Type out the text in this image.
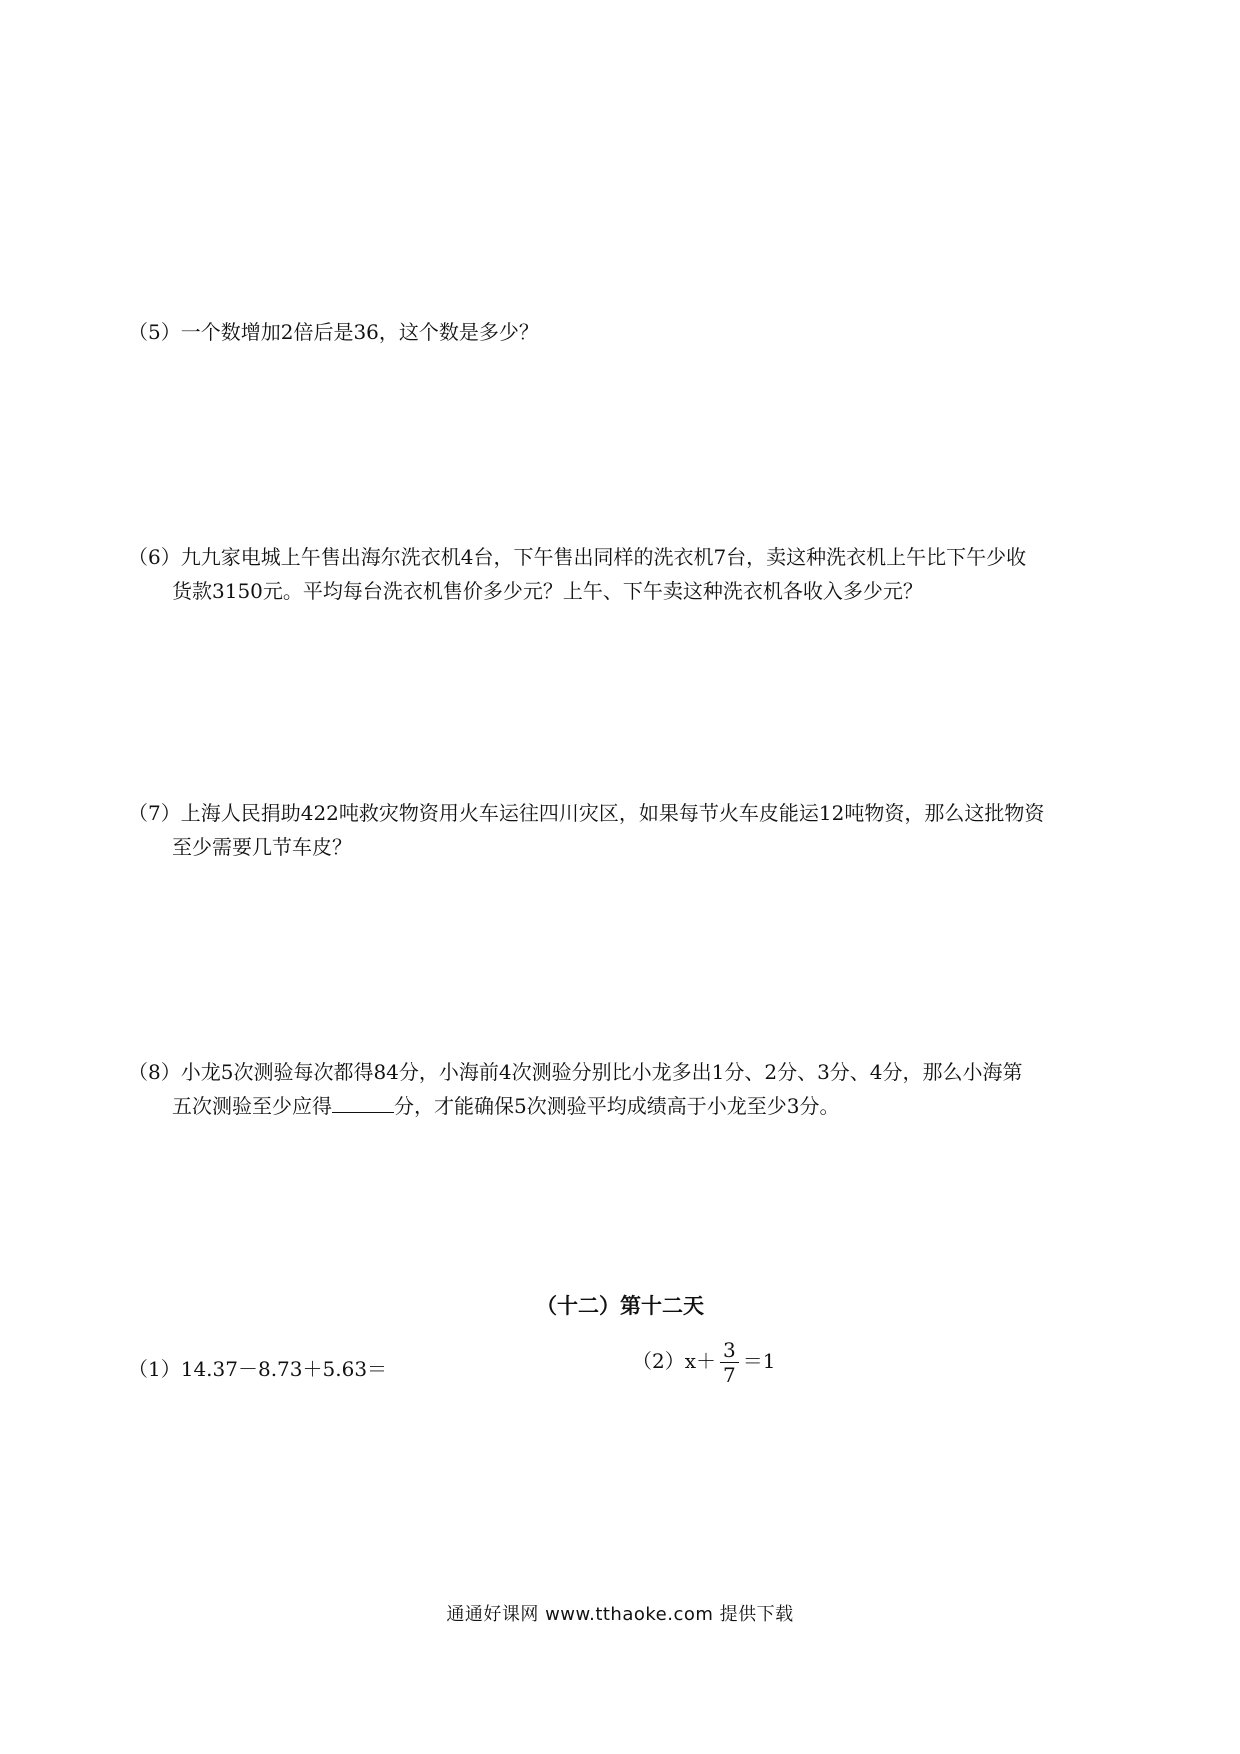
（5）一个数增加2倍后是36，这个数是多少？
（6）九九家电城上午售出海尔洗衣机4台，下午售出同样的洗衣机7台，卖这种洗衣机上午比下午少收
货款3150元。平均每台洗衣机售价多少元？上午、下午卖这种洗衣机各收入多少元？
（7）上海人民捐助422吨救灾物资用火车运往四川灾区，如果每节火车皮能运12吨物资，那么这批物资
至少需要几节车皮？
（8）小龙5次测验每次都得84分，小海前4次测验分别比小龙多出1分、2分、3分、4分，那么小海第
五次测验至少应得	分，才能确保5次测验平均成绩高于小龙至少3分。
（十二）第十二天
（1）14.37－8.73＋5.63＝	$(2)x+ \frac{3}{7} =1$
通通好课网 www.tthaoke.com 提供下载
